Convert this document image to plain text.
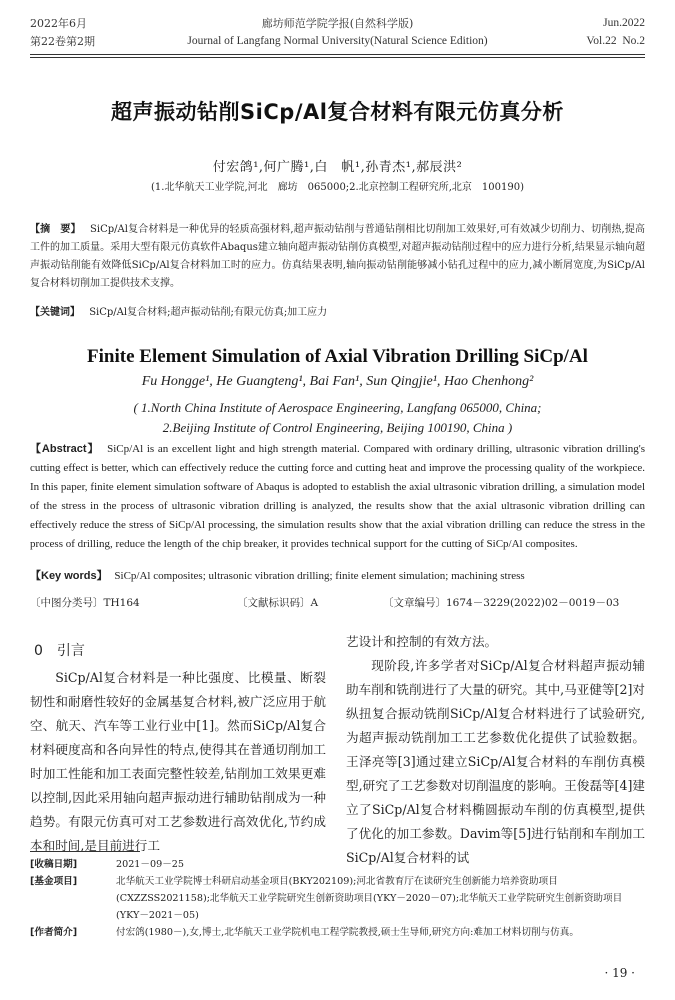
2022年6月
第22卷第2期
廊坊师范学院学报(自然科学版)
Journal of Langfang Normal University(Natural Science Edition)
Jun.2022
Vol.22  No.2
超声振动钻削SiCp/Al复合材料有限元仿真分析
付宏鸽¹,何广腾¹,白　帆¹,孙青杰¹,郝辰洪²
(1.北华航天工业学院,河北　廊坊　065000;2.北京控制工程研究所,北京　100190)
【摘　要】 SiCp/Al复合材料是一种优异的轻质高强材料,超声振动钻削与普通钻削相比切削加工效果好,可有效减少切削力、切削热,提高工件的加工质量。采用大型有限元仿真软件Abaqus建立轴向超声振动钻削仿真模型,对超声振动钻削过程中的应力进行分析,结果显示轴向超声振动钻削能有效降低SiCp/Al复合材料加工时的应力。仿真结果表明,轴向振动钻削能够减小钻孔过程中的应力,减小断屑宽度,为SiCp/Al复合材料切削加工提供技术支撑。
【关键词】 SiCp/Al复合材料;超声振动钻削;有限元仿真;加工应力
Finite Element Simulation of Axial Vibration Drilling SiCp/Al
Fu Hongge¹, He Guangteng¹, Bai Fan¹, Sun Qingjie¹, Hao Chenhong²
( 1.North China Institute of Aerospace Engineering, Langfang 065000, China;
2.Beijing Institute of Control Engineering, Beijing 100190, China )
【Abstract】 SiCp/Al is an excellent light and high strength material. Compared with ordinary drilling, ultrasonic vibration drilling's cutting effect is better, which can effectively reduce the cutting force and cutting heat and improve the processing quality of the workpiece. In this paper, finite element simulation software of Abaqus is adopted to establish the axial ultrasonic vibration drilling, a simulation model of the stress in the process of ultrasonic vibration drilling is analyzed, the results show that the axial ultrasonic vibration drilling can effectively reduce the stress of SiCp/Al processing, the simulation results show that the axial vibration drilling can reduce the stress in the process of drilling, reduce the length of the chip breaker, it provides technical support for the cutting of SiCp/Al composites.
【Key words】 SiCp/Al composites; ultrasonic vibration drilling; finite element simulation; machining stress
〔中图分类号〕TH164	〔文献标识码〕A	〔文章编号〕1674－3229(2022)02－0019－03
0　引言

SiCp/Al复合材料是一种比强度、比模量、断裂韧性和耐磨性较好的金属基复合材料,被广泛应用于航空、航天、汽车等工业行业中[1]。然而SiCp/Al复合材料硬度高和各向异性的特点,使得其在普通切削加工时加工性能和加工表面完整性较差,钻削加工效果更难以控制,因此采用轴向超声振动进行辅助钻削成为一种趋势。有限元仿真可对工艺参数进行高效优化,节约成本和时间,是目前进行工

艺设计和控制的有效方法。

现阶段,许多学者对SiCp/Al复合材料超声振动辅助车削和铣削进行了大量的研究。其中,马亚健等[2]对纵扭复合振动铣削SiCp/Al复合材料进行了试验研究,为超声振动铣削加工工艺参数优化提供了试验数据。王泽亮等[3]通过建立SiCp/Al复合材料的车削仿真模型,研究了工艺参数对切削温度的影响。王俊磊等[4]建立了SiCp/Al复合材料椭圆振动车削的仿真模型,提供了优化的加工参数。Davim等[5]进行钻削和车削加工SiCp/Al复合材料的试

[收稿日期]	2021－09－25
[基金项目]	北华航天工业学院博士科研启动基金项目(BKY202109);河北省教育厅在读研究生创新能力培养资助项目(CXZZSS2021158);北华航天工业学院研究生创新资助项目(YKY－2020－07);北华航天工业学院研究生创新资助项目(YKY－2021－05)
[作者简介]	付宏鸽(1980－),女,博士,北华航天工业学院机电工程学院教授,硕士生导师,研究方向:难加工材料切削与仿真。
· 19 ·
